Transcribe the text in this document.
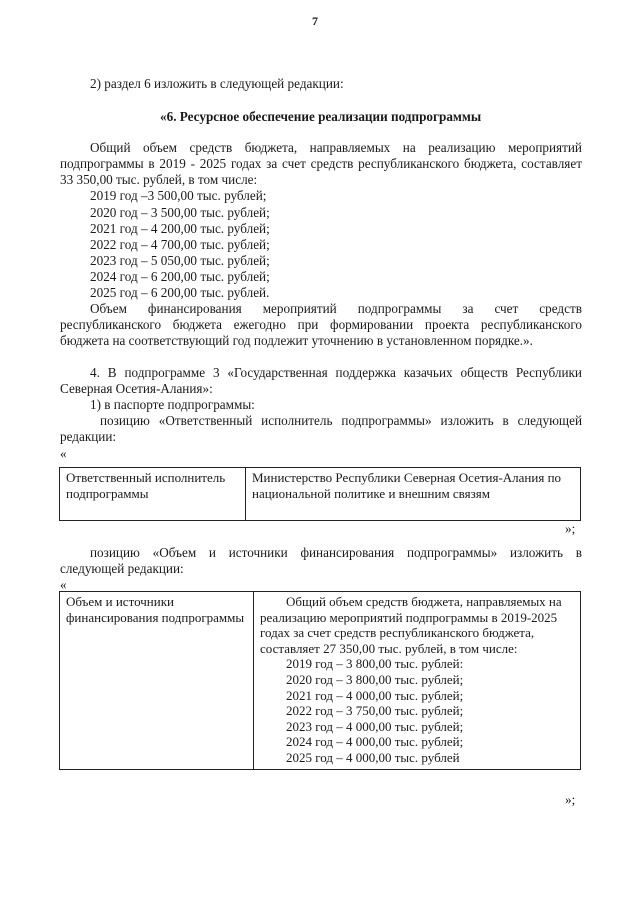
7
2) раздел 6 изложить в следующей редакции:
«6. Ресурсное обеспечение реализации подпрограммы
Общий объем средств бюджета, направляемых на реализацию мероприятий
подпрограммы в 2019 - 2025 годах за счет средств республиканского бюджета, составляет
33 350,00 тыс. рублей, в том числе:
2019 год –3 500,00 тыс. рублей;
2020 год – 3 500,00 тыс. рублей;
2021 год – 4 200,00 тыс. рублей;
2022 год – 4 700,00 тыс. рублей;
2023 год – 5 050,00 тыс. рублей;
2024 год – 6 200,00 тыс. рублей;
2025 год – 6 200,00 тыс. рублей.
Объем финансирования мероприятий подпрограммы за счет средств
республиканского бюджета ежегодно при формировании проекта республиканского
бюджета на соответствующий год подлежит уточнению в установленном порядке.».
4. В подпрограмме 3 «Государственная поддержка казачьих обществ Республики
Северная Осетия-Алания»:
1) в паспорте подпрограммы:
позицию «Ответственный исполнитель подпрограммы» изложить в следующей
редакции:
«
Ответственный исполнитель
подпрограммы

Министерство Республики Северная Осетия-Алания по
национальной политике и внешним связям
»;
позицию «Объем и источники финансирования подпрограммы» изложить в
следующей редакции:
«
Объем и источники
финансирования подпрограммы

Общий объем средств бюджета, направляемых на
реализацию мероприятий подпрограммы в 2019-2025
годах за счет средств республиканского бюджета,
составляет 27 350,00 тыс. рублей, в том числе:
2019 год – 3 800,00 тыс. рублей:
2020 год – 3 800,00 тыс. рублей;
2021 год – 4 000,00 тыс. рублей;
2022 год – 3 750,00 тыс. рублей;
2023 год – 4 000,00 тыс. рублей;
2024 год – 4 000,00 тыс. рублей;
2025 год – 4 000,00 тыс. рублей
»;
